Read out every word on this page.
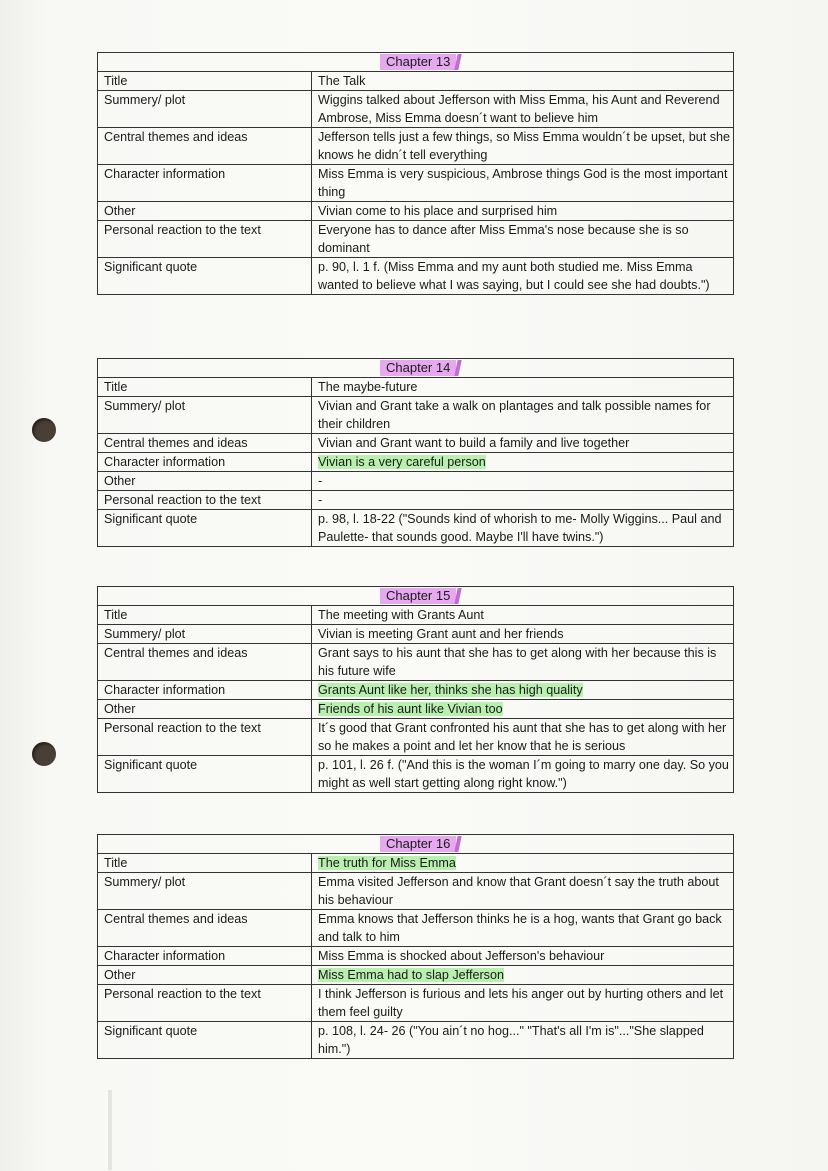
Chapter 13
Title	The Talk
Summery/ plot	Wiggins talked about Jefferson with Miss Emma, his Aunt and Reverend Ambrose, Miss Emma doesn´t want to believe him
Central themes and ideas	Jefferson tells just a few things, so Miss Emma wouldn´t be upset, but she knows he didn´t tell everything
Character information	Miss Emma is very suspicious, Ambrose things God is the most important thing
Other	Vivian come to his place and surprised him
Personal reaction to the text	Everyone has to dance after Miss Emma's nose because she is so dominant
Significant quote	p. 90, l. 1 f. (Miss Emma and my aunt both studied me. Miss Emma wanted to believe what I was saying, but I could see she had doubts.")
Chapter 14
Title	The maybe-future
Summery/ plot	Vivian and Grant take a walk on plantages and talk possible names for their children
Central themes and ideas	Vivian and Grant want to build a family and live together
Character information	Vivian is a very careful person
Other	-
Personal reaction to the text	-
Significant quote	p. 98, l. 18-22 ("Sounds kind of whorish to me- Molly Wiggins... Paul and Paulette- that sounds good. Maybe I'll have twins.")
Chapter 15
Title	The meeting with Grants Aunt
Summery/ plot	Vivian is meeting Grant aunt and her friends
Central themes and ideas	Grant says to his aunt that she has to get along with her because this is his future wife
Character information	Grants Aunt like her, thinks she has high quality
Other	Friends of his aunt like Vivian too
Personal reaction to the text	It´s good that Grant confronted his aunt that she has to get along with her so he makes a point and let her know that he is serious
Significant quote	p. 101, l. 26 f. ("And this is the woman I´m going to marry one day. So you might as well start getting along right know.")
Chapter 16
Title	The truth for Miss Emma
Summery/ plot	Emma visited Jefferson and know that Grant doesn´t say the truth about his behaviour
Central themes and ideas	Emma knows that Jefferson thinks he is a hog, wants that Grant go back and talk to him
Character information	Miss Emma is shocked about Jefferson's behaviour
Other	Miss Emma had to slap Jefferson
Personal reaction to the text	I think Jefferson is furious and lets his anger out by hurting others and let them feel guilty
Significant quote	p. 108, l. 24- 26 ("You ain´t no hog..." "That's all I'm is"..."She slapped him.")
